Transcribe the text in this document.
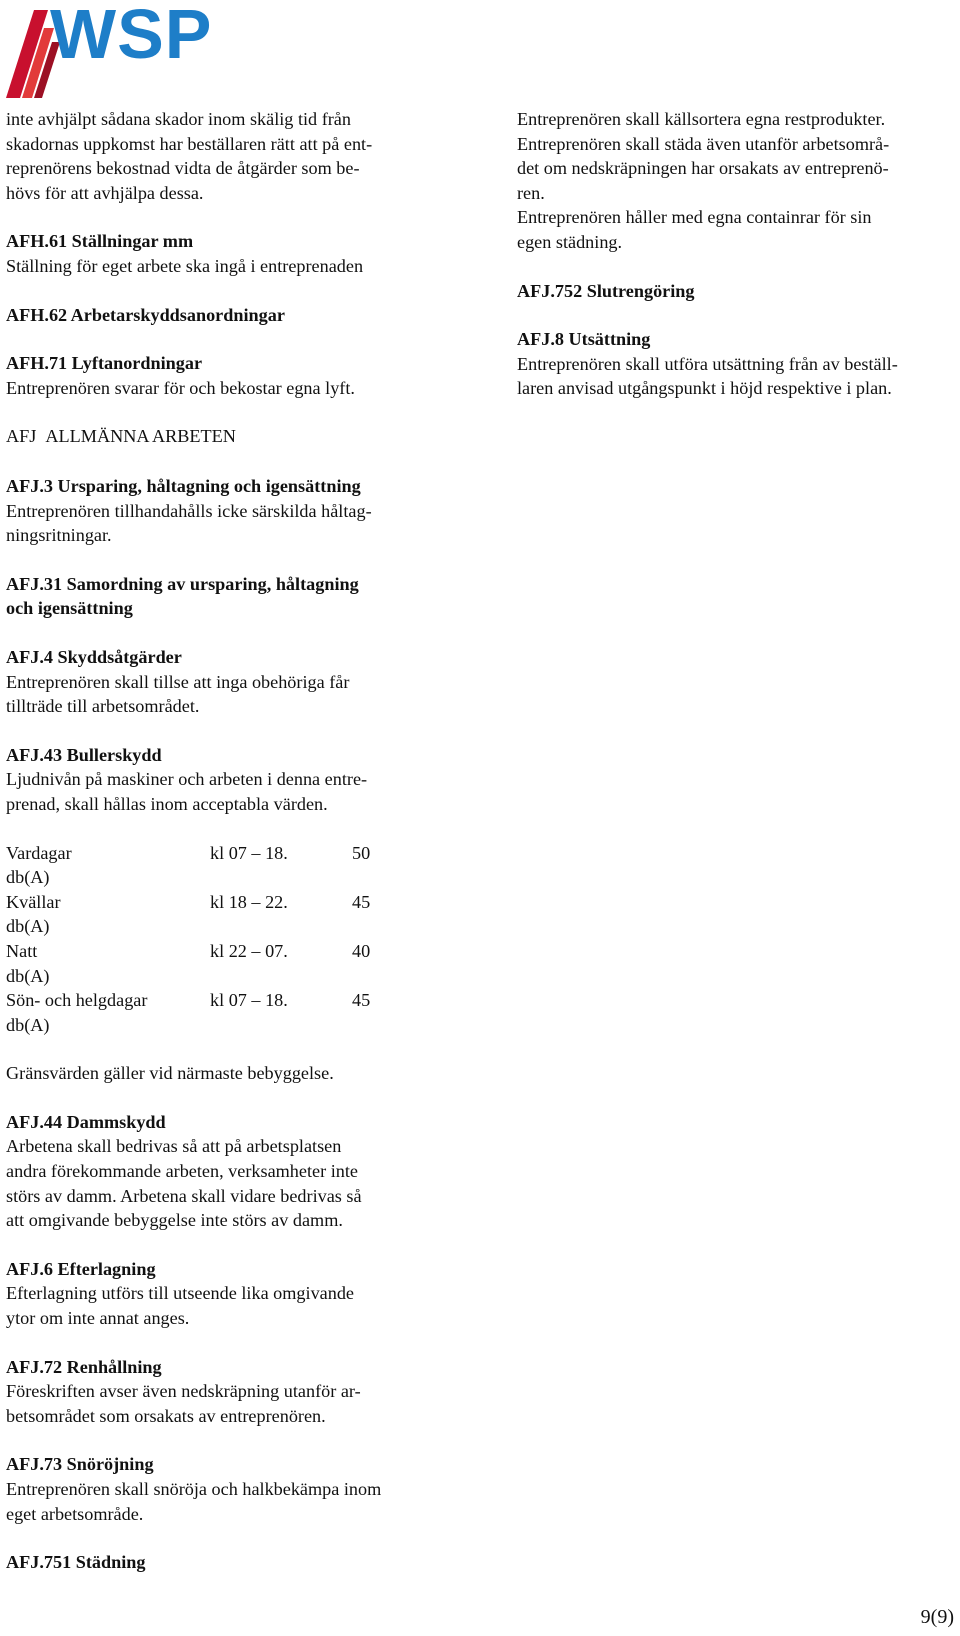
WSP

inte avhjälpt sådana skador inom skälig tid från
skadornas uppkomst har beställaren rätt att på ent-
reprenörens bekostnad vidta de åtgärder som be-
hövs för att avhjälpa dessa.

AFH.61 Ställningar mm

Ställning för eget arbete ska ingå i entreprenaden

AFH.62 Arbetarskyddsanordningar

AFH.71 Lyftanordningar

Entreprenören svarar för och bekostar egna lyft.

Entreprenören skall källsortera egna restprodukter.
Entreprenören skall städa även utanför arbetsområ-
det om nedskräpningen har orsakats av entreprenö-
ren.
Entreprenören håller med egna containrar för sin
egen städning.

AFJ.752 Slutrengöring

AFJ.8 Utsättning

Entreprenören skall utföra utsättning från av beställ-
laren anvisad utgångspunkt i höjd respektive i plan.

AFJ ALLMÄNNA ARBETEN

AFJ.3 Ursparing, håltagning och igensättning

Entreprenören tillhandahålls icke särskilda håltag-
ningsritningar.

AFJ.31 Samordning av ursparing, håltagning
och igensättning

AFJ.4 Skyddsåtgärder

Entreprenören skall tillse att inga obehöriga får
tillträde till arbetsområdet.

AFJ.43 Bullerskydd

Ljudnivån på maskiner och arbeten i denna entre-
prenad, skall hållas inom acceptabla värden.

Vardagar	kl 07 – 18.	50
db(A)		
Kvällar	kl 18 – 22.	45
db(A)		
Natt	kl 22 – 07.	40
db(A)		
Sön- och helgdagar	kl 07 – 18.	45
db(A)		

Gränsvärden gäller vid närmaste bebyggelse.

AFJ.44 Dammskydd

Arbetena skall bedrivas så att på arbetsplatsen
andra förekommande arbeten, verksamheter inte
störs av damm. Arbetena skall vidare bedrivas så
att omgivande bebyggelse inte störs av damm.

AFJ.6 Efterlagning

Efterlagning utförs till utseende lika omgivande
ytor om inte annat anges.

AFJ.72 Renhållning

Föreskriften avser även nedskräpning utanför ar-
betsområdet som orsakats av entreprenören.

AFJ.73 Snöröjning

Entreprenören skall snöröja och halkbekämpa inom
eget arbetsområde.

AFJ.751 Städning

9(9)
